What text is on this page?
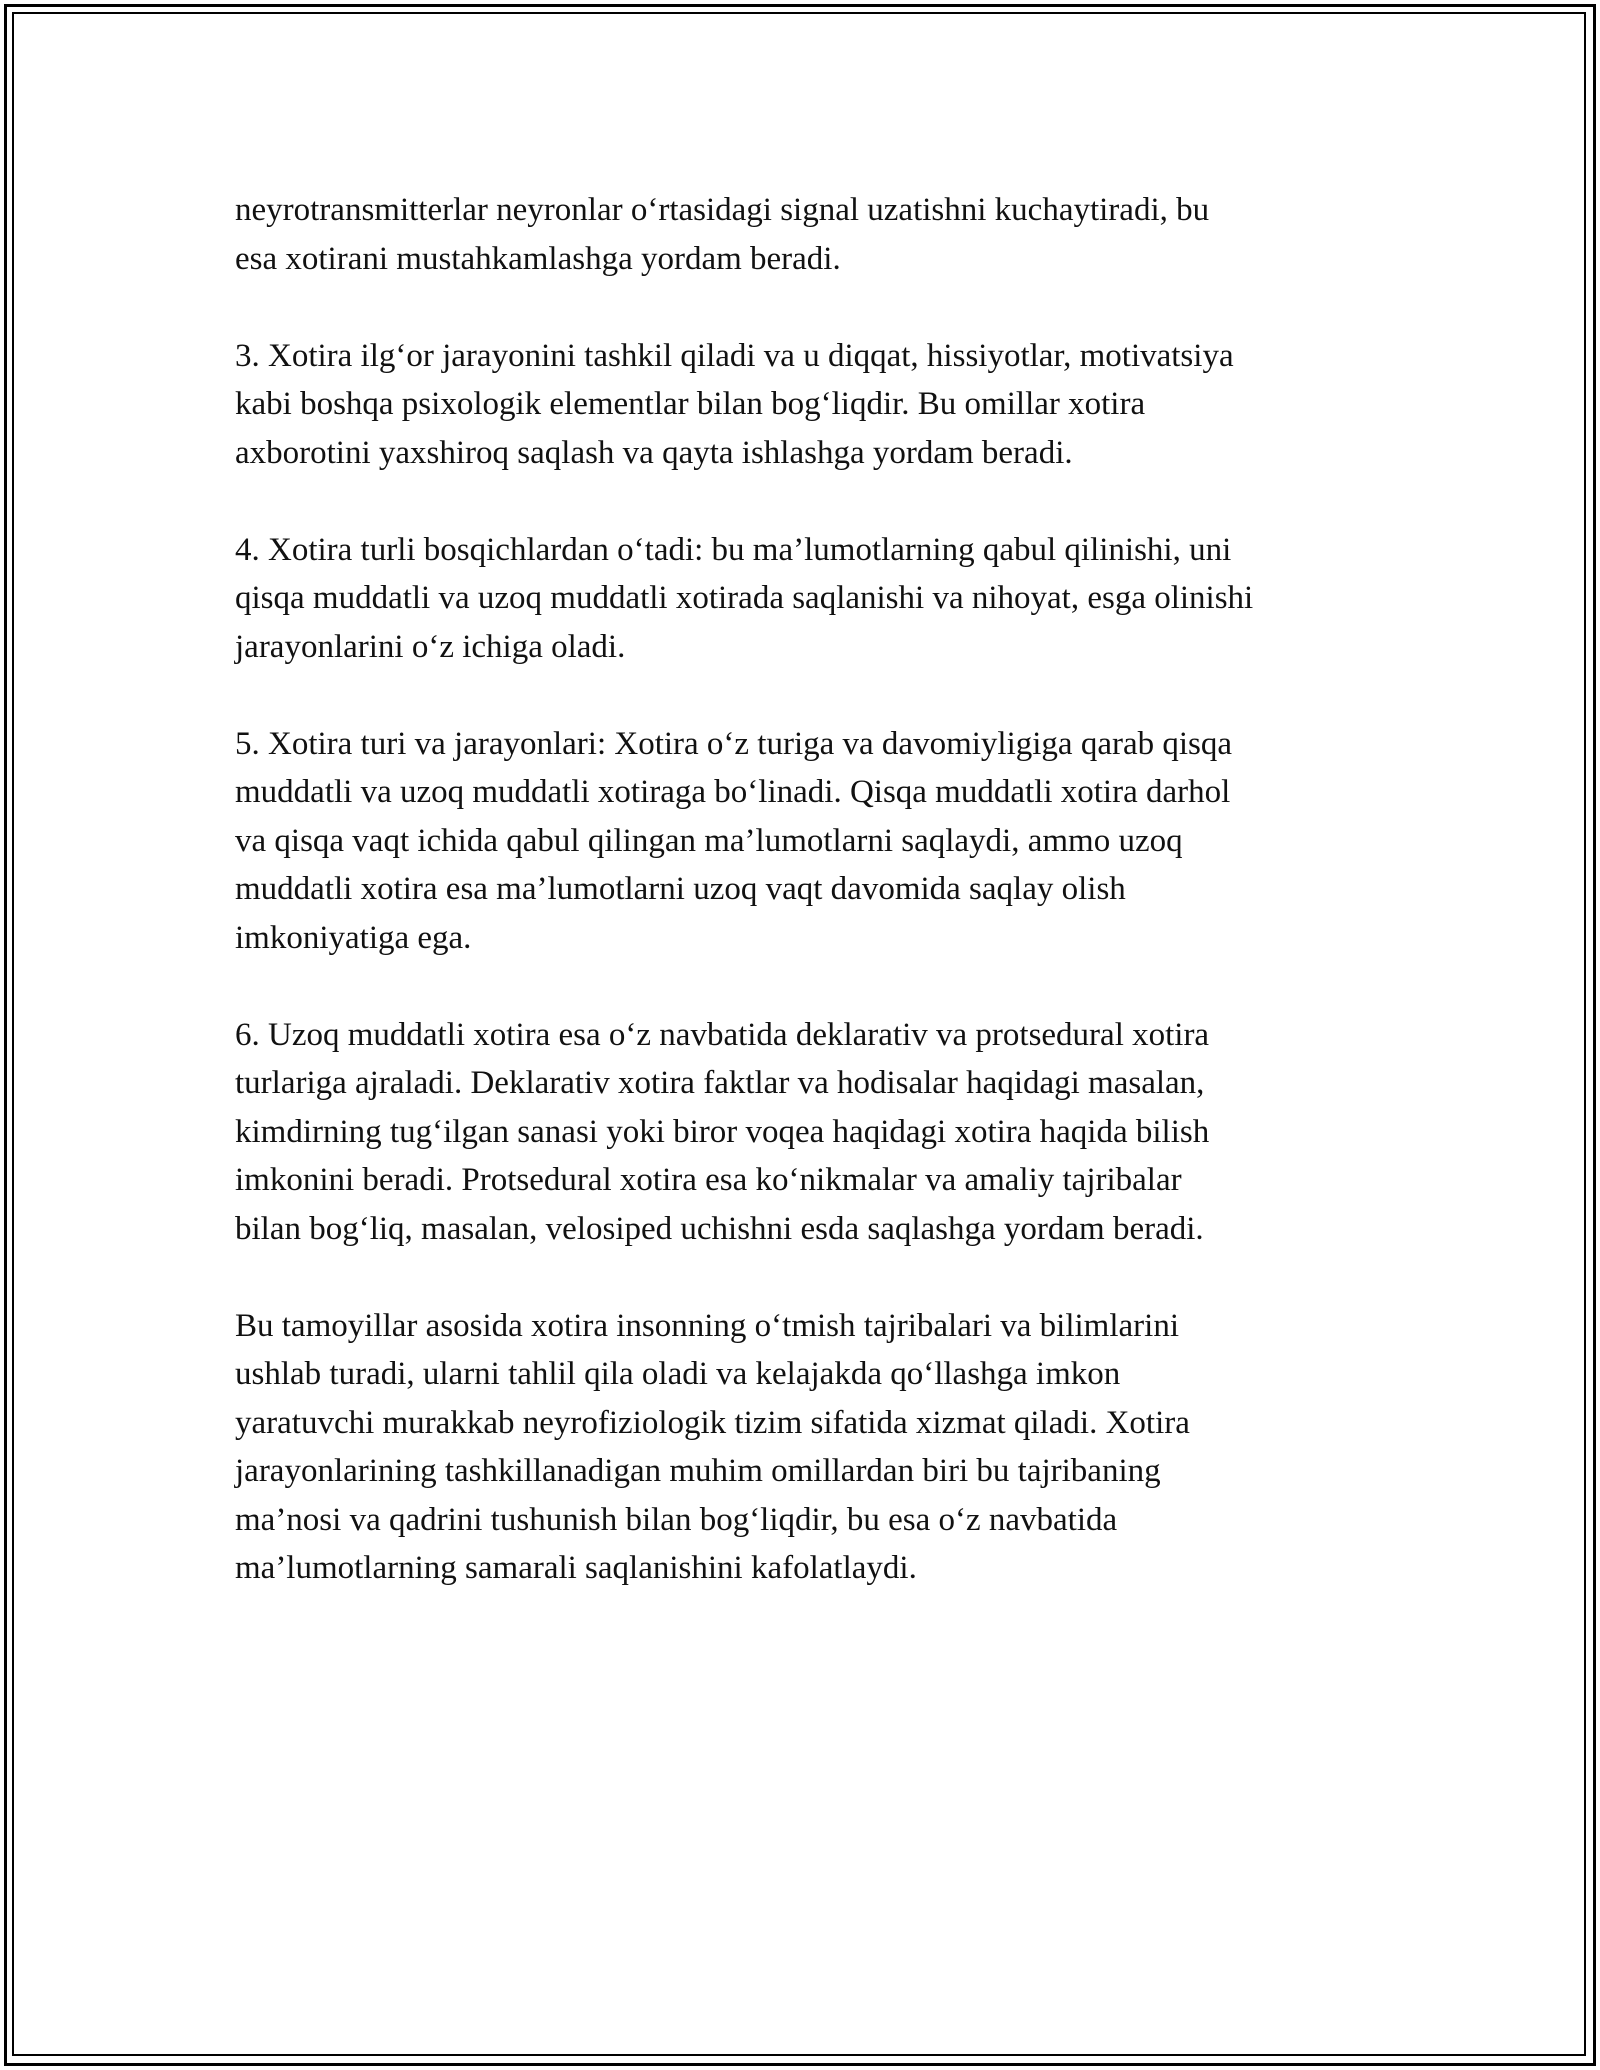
neyrotransmitterlar neyronlar o‘rtasidagi signal uzatishni kuchaytiradi, bu
esa xotirani mustahkamlashga yordam beradi.

3. Xotira ilg‘or jarayonini tashkil qiladi va u diqqat, hissiyotlar, motivatsiya
kabi boshqa psixologik elementlar bilan bog‘liqdir. Bu omillar xotira
axborotini yaxshiroq saqlash va qayta ishlashga yordam beradi.

4. Xotira turli bosqichlardan o‘tadi: bu ma’lumotlarning qabul qilinishi, uni
qisqa muddatli va uzoq muddatli xotirada saqlanishi va nihoyat, esga olinishi
jarayonlarini o‘z ichiga oladi.

5. Xotira turi va jarayonlari: Xotira o‘z turiga va davomiyligiga qarab qisqa
muddatli va uzoq muddatli xotiraga bo‘linadi. Qisqa muddatli xotira darhol
va qisqa vaqt ichida qabul qilingan ma’lumotlarni saqlaydi, ammo uzoq
muddatli xotira esa ma’lumotlarni uzoq vaqt davomida saqlay olish
imkoniyatiga ega.

6. Uzoq muddatli xotira esa o‘z navbatida deklarativ va protsedural xotira
turlariga ajraladi. Deklarativ xotira faktlar va hodisalar haqidagi masalan,
kimdirning tug‘ilgan sanasi yoki biror voqea haqidagi xotira haqida bilish
imkonini beradi. Protsedural xotira esa ko‘nikmalar va amaliy tajribalar
bilan bog‘liq, masalan, velosiped uchishni esda saqlashga yordam beradi.

Bu tamoyillar asosida xotira insonning o‘tmish tajribalari va bilimlarini
ushlab turadi, ularni tahlil qila oladi va kelajakda qo‘llashga imkon
yaratuvchi murakkab neyrofiziologik tizim sifatida xizmat qiladi. Xotira
jarayonlarining tashkillanadigan muhim omillardan biri bu tajribaning
ma’nosi va qadrini tushunish bilan bog‘liqdir, bu esa o‘z navbatida
ma’lumotlarning samarali saqlanishini kafolatlaydi.
